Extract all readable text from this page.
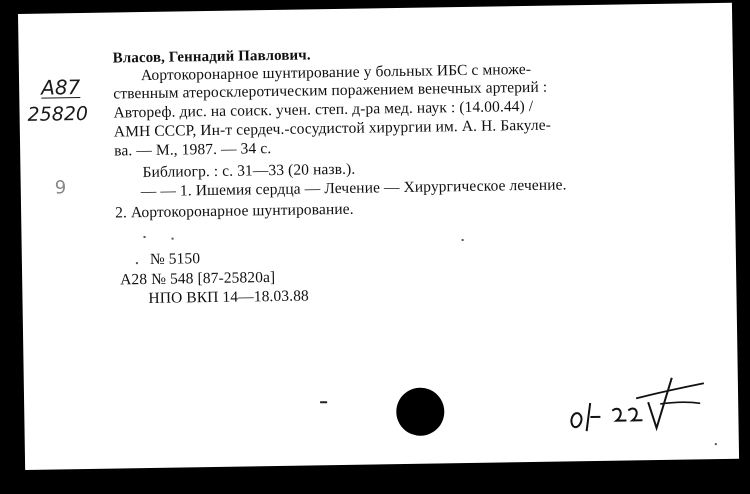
А87
25820
9
Власов, Геннадий Павлович.
Аортокоронарное шунтирование у больных ИБС с множе-
ственным атеросклеротическим поражением венечных артерий :
Автореф. дис. на соиск. учен. степ. д-ра мед. наук : (14.00.44) /
АМН СССР, Ин-т сердеч.-сосудистой хирургии им. А. Н. Бакуле-
ва. — М., 1987. — 34 с.
Библиогр. : с. 31—33 (20 назв.).
— — 1. Ишемия сердца — Лечение — Хирургическое лечение.
2. Аортокоронарное шунтирование.
№ 5150
А28 № 548 [87-25820а]
НПО ВКП 14—18.03.88
6 А 22 V
